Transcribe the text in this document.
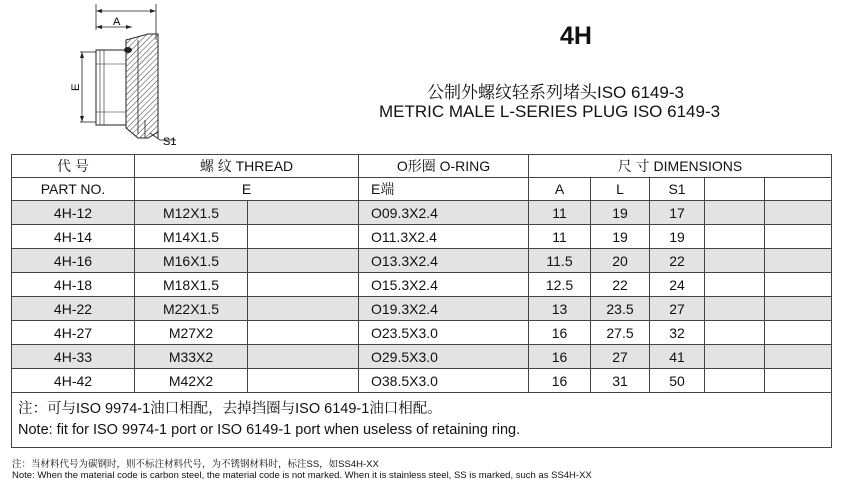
A
E
S1
4H
公制外螺纹轻系列堵头ISO 6149-3
METRIC MALE L-SERIES PLUG ISO 6149-3
代 号	螺 纹 THREAD		O形圈 O-RING	尺 寸 DIMENSIONS				
PART NO.	E		E端	A	L	S1		
4H-12	M12X1.5		O09.3X2.4	11	19	17		
4H-14	M14X1.5		O11.3X2.4	11	19	19		
4H-16	M16X1.5		O13.3X2.4	11.5	20	22		
4H-18	M18X1.5		O15.3X2.4	12.5	22	24		
4H-22	M22X1.5		O19.3X2.4	13	23.5	27		
4H-27	M27X2		O23.5X3.0	16	27.5	32		
4H-33	M33X2		O29.5X3.0	16	27	41		
4H-42	M42X2		O38.5X3.0	16	31	50		

注：可与ISO 9974-1油口相配，去掉挡圈与ISO 6149-1油口相配。
Note: fit for ISO 9974-1 port or ISO 6149-1 port when useless of retaining ring.								
注：当材料代号为碳钢时，则不标注材料代号，为不锈钢材料时，标注SS，如SS4H-XX
Note: When the material code is carbon steel, the material code is not marked. When it is stainless steel, SS is marked, such as SS4H-XX
